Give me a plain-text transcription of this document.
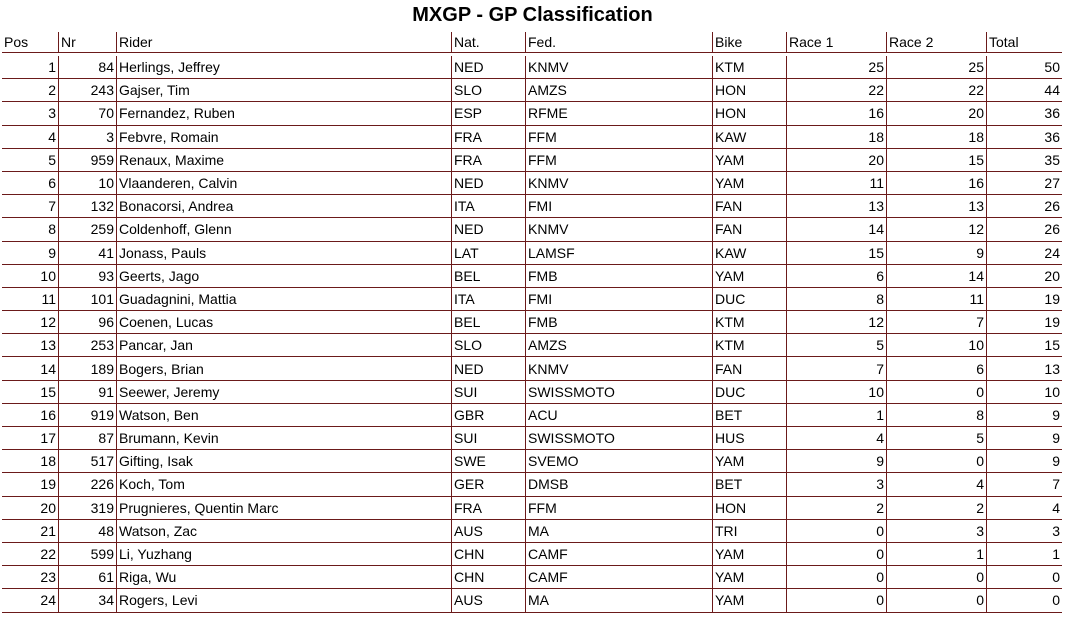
MXGP - GP Classification
Pos	Nr	Rider	Nat.	Fed.	Bike	Race 1	Race 2	Total

1	84	Herlings, Jeffrey	NED	KNMV	KTM	25	25	50
2	243	Gajser, Tim	SLO	AMZS	HON	22	22	44
3	70	Fernandez, Ruben	ESP	RFME	HON	16	20	36
4	3	Febvre, Romain	FRA	FFM	KAW	18	18	36
5	959	Renaux, Maxime	FRA	FFM	YAM	20	15	35
6	10	Vlaanderen, Calvin	NED	KNMV	YAM	11	16	27
7	132	Bonacorsi, Andrea	ITA	FMI	FAN	13	13	26
8	259	Coldenhoff, Glenn	NED	KNMV	FAN	14	12	26
9	41	Jonass, Pauls	LAT	LAMSF	KAW	15	9	24
10	93	Geerts, Jago	BEL	FMB	YAM	6	14	20
11	101	Guadagnini, Mattia	ITA	FMI	DUC	8	11	19
12	96	Coenen, Lucas	BEL	FMB	KTM	12	7	19
13	253	Pancar, Jan	SLO	AMZS	KTM	5	10	15
14	189	Bogers, Brian	NED	KNMV	FAN	7	6	13
15	91	Seewer, Jeremy	SUI	SWISSMOTO	DUC	10	0	10
16	919	Watson, Ben	GBR	ACU	BET	1	8	9
17	87	Brumann, Kevin	SUI	SWISSMOTO	HUS	4	5	9
18	517	Gifting, Isak	SWE	SVEMO	YAM	9	0	9
19	226	Koch, Tom	GER	DMSB	BET	3	4	7
20	319	Prugnieres, Quentin Marc	FRA	FFM	HON	2	2	4
21	48	Watson, Zac	AUS	MA	TRI	0	3	3
22	599	Li, Yuzhang	CHN	CAMF	YAM	0	1	1
23	61	Riga, Wu	CHN	CAMF	YAM	0	0	0
24	34	Rogers, Levi	AUS	MA	YAM	0	0	0
